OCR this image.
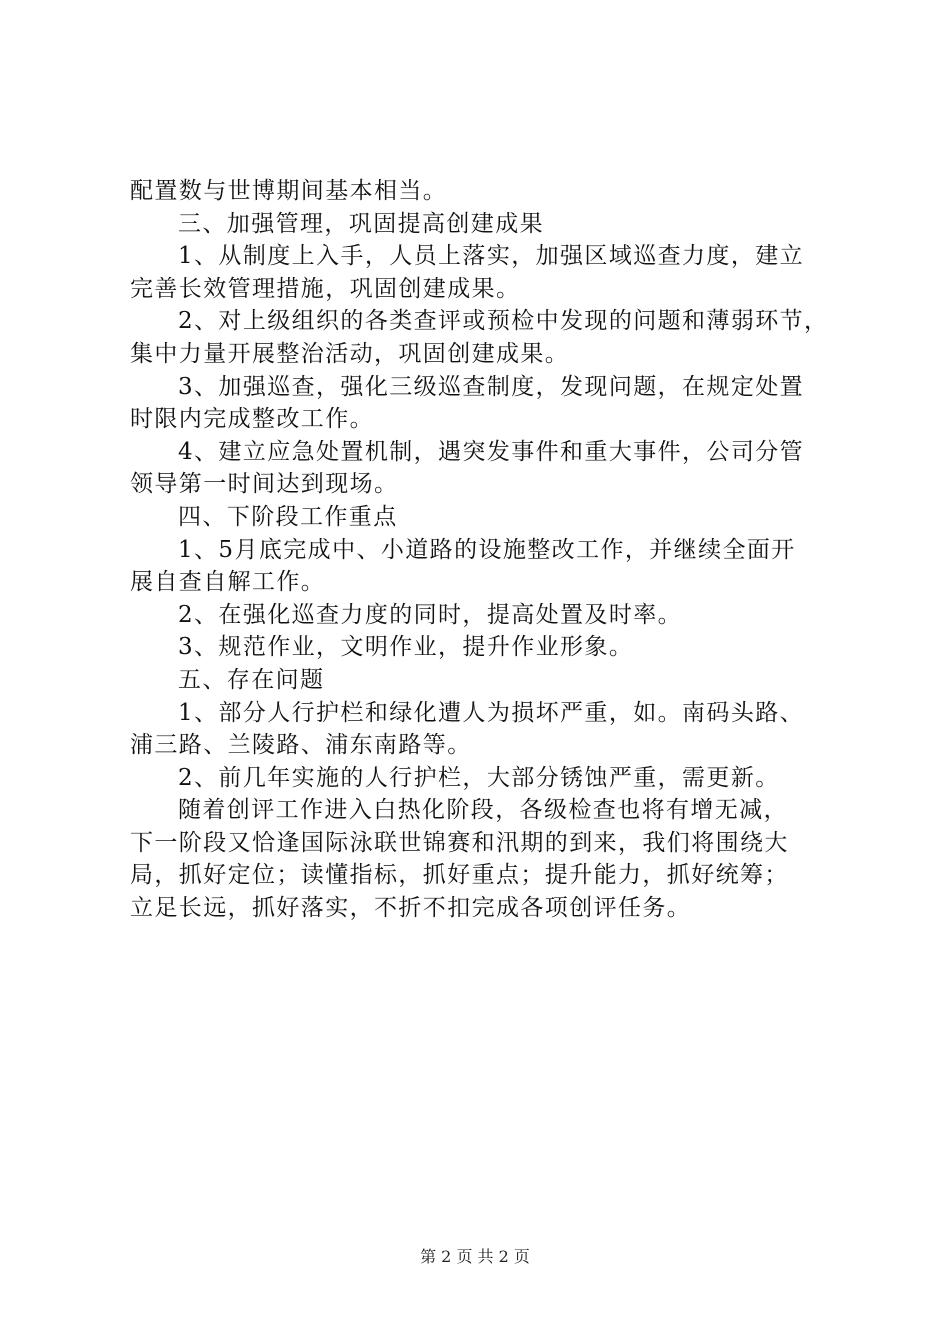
配置数与世博期间基本相当。
三、加强管理，巩固提高创建成果
1、从制度上入手，人员上落实，加强区域巡查力度，建立
完善长效管理措施，巩固创建成果。
2、对上级组织的各类查评或预检中发现的问题和薄弱环节，
集中力量开展整治活动，巩固创建成果。
3、加强巡查，强化三级巡查制度，发现问题，在规定处置
时限内完成整改工作。
4、建立应急处置机制，遇突发事件和重大事件，公司分管
领导第一时间达到现场。
四、下阶段工作重点
1、5月底完成中、小道路的设施整改工作，并继续全面开
展自查自解工作。
2、在强化巡查力度的同时，提高处置及时率。
3、规范作业，文明作业，提升作业形象。
五、存在问题
1、部分人行护栏和绿化遭人为损坏严重，如。南码头路、
浦三路、兰陵路、浦东南路等。
2、前几年实施的人行护栏，大部分锈蚀严重，需更新。
随着创评工作进入白热化阶段，各级检查也将有增无减，
下一阶段又恰逢国际泳联世锦赛和汛期的到来，我们将围绕大
局，抓好定位；读懂指标，抓好重点；提升能力，抓好统筹；
立足长远，抓好落实，不折不扣完成各项创评任务。
第 2 页 共 2 页
